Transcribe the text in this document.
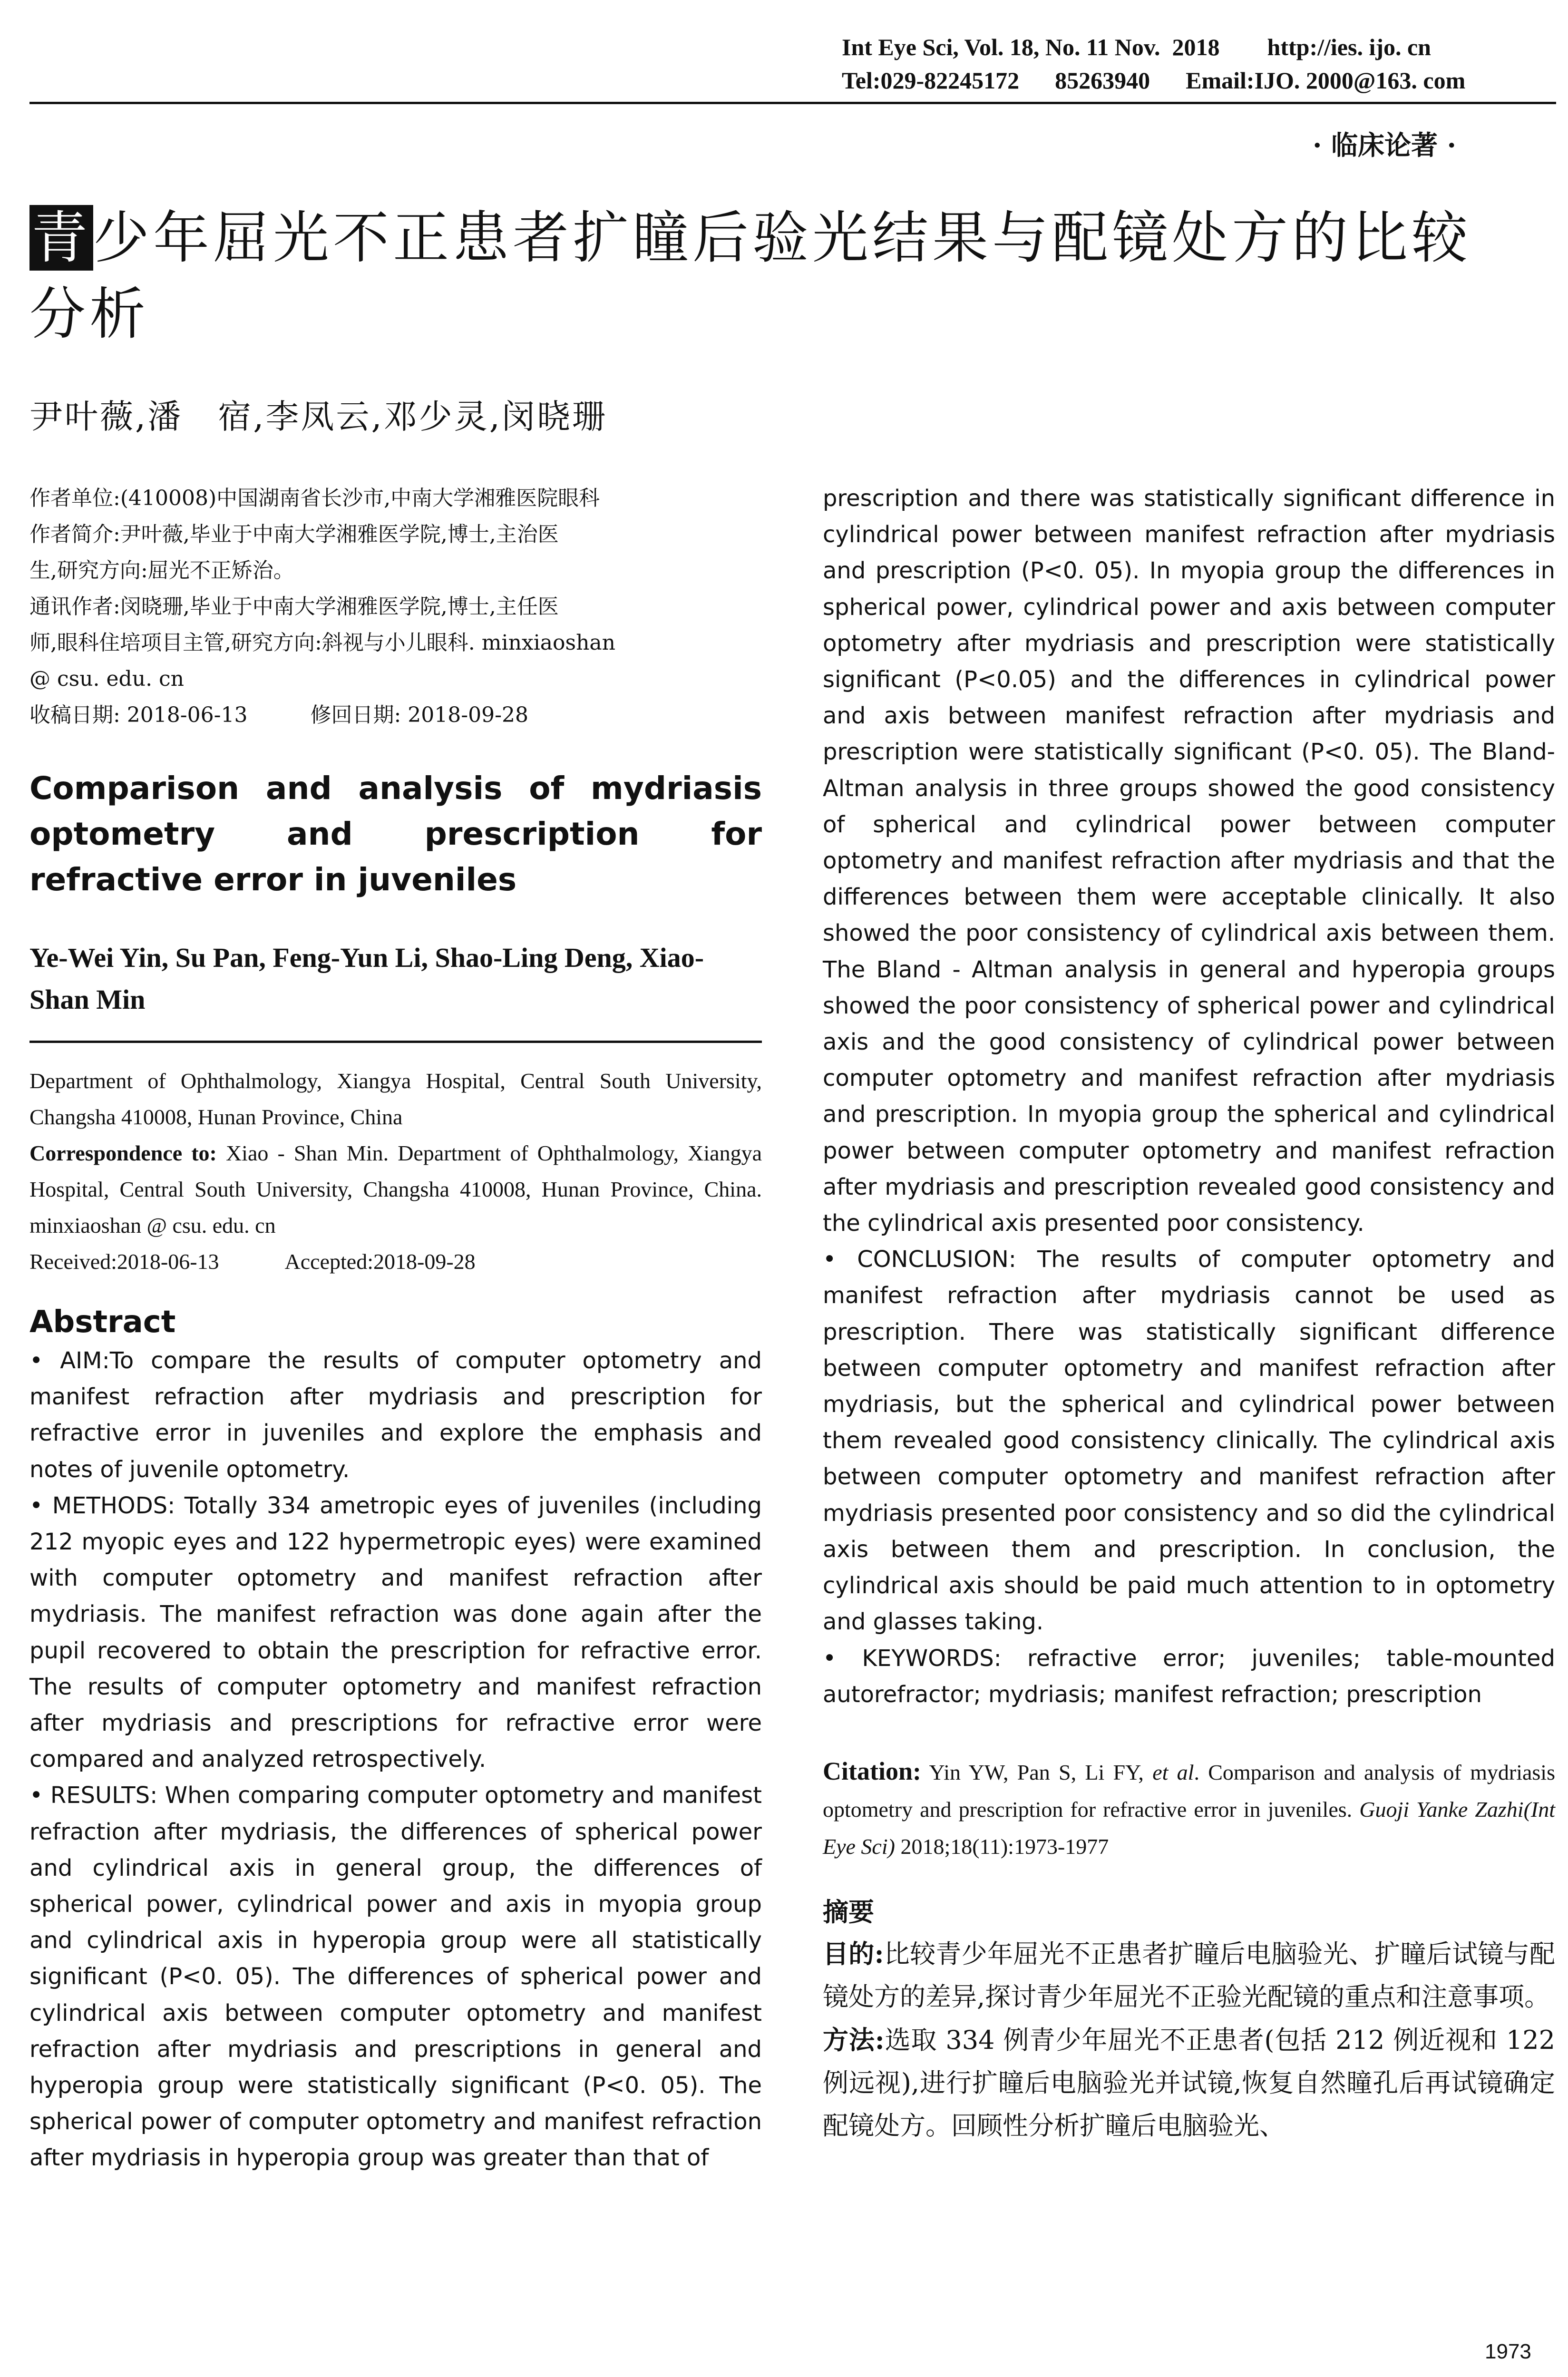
Int Eye Sci, Vol. 18, No. 11 Nov.  2018        http://ies. ijo. cn
Tel:029-82245172      85263940      Email:IJO. 2000@163. com
· 临床论著 ·
青少年屈光不正患者扩瞳后验光结果与配镜处方的比较
分析
尹叶薇,潘　宿,李凤云,邓少灵,闵晓珊
作者单位:(410008)中国湖南省长沙市,中南大学湘雅医院眼科
作者简介:尹叶薇,毕业于中南大学湘雅医学院,博士,主治医
生,研究方向:屈光不正矫治。
通讯作者:闵晓珊,毕业于中南大学湘雅医学院,博士,主任医
师,眼科住培项目主管,研究方向:斜视与小儿眼科. minxiaoshan
@ csu. edu. cn
收稿日期: 2018-06-13　　　修回日期: 2018-09-28
Comparison and analysis of mydriasis optometry and prescription for refractive error in juveniles
Ye-Wei Yin, Su Pan, Feng-Yun Li, Shao-Ling Deng, Xiao-Shan Min
Department of Ophthalmology, Xiangya Hospital, Central South University, Changsha 410008, Hunan Province, China
Correspondence to: Xiao - Shan Min. Department of Ophthalmology, Xiangya Hospital, Central South University, Changsha 410008, Hunan Province, China. minxiaoshan @ csu. edu. cn
Received:2018-06-13　　　Accepted:2018-09-28
Abstract

• AIM:To compare the results of computer optometry and manifest refraction after mydriasis and prescription for refractive error in juveniles and explore the emphasis and notes of juvenile optometry.

• METHODS: Totally 334 ametropic eyes of juveniles (including 212 myopic eyes and 122 hypermetropic eyes) were examined with computer optometry and manifest refraction after mydriasis. The manifest refraction was done again after the pupil recovered to obtain the prescription for refractive error. The results of computer optometry and manifest refraction after mydriasis and prescriptions for refractive error were compared and analyzed retrospectively.

• RESULTS: When comparing computer optometry and manifest refraction after mydriasis, the differences of spherical power and cylindrical axis in general group, the differences of spherical power, cylindrical power and axis in myopia group and cylindrical axis in hyperopia group were all statistically significant (P<0. 05). The differences of spherical power and cylindrical axis between computer optometry and manifest refraction after mydriasis and prescriptions in general and hyperopia group were statistically significant (P<0. 05). The spherical power of computer optometry and manifest refraction after mydriasis in hyperopia group was greater than that of

prescription and there was statistically significant difference in cylindrical power between manifest refraction after mydriasis and prescription (P<0. 05). In myopia group the differences in spherical power, cylindrical power and axis between computer optometry after mydriasis and prescription were statistically significant (P<0.05) and the differences in cylindrical power and axis between manifest refraction after mydriasis and prescription were statistically significant (P<0. 05). The Bland-Altman analysis in three groups showed the good consistency of spherical and cylindrical power between computer optometry and manifest refraction after mydriasis and that the differences between them were acceptable clinically. It also showed the poor consistency of cylindrical axis between them. The Bland - Altman analysis in general and hyperopia groups showed the poor consistency of spherical power and cylindrical axis and the good consistency of cylindrical power between computer optometry and manifest refraction after mydriasis and prescription. In myopia group the spherical and cylindrical power between computer optometry and manifest refraction after mydriasis and prescription revealed good consistency and the cylindrical axis presented poor consistency.

• CONCLUSION: The results of computer optometry and manifest refraction after mydriasis cannot be used as prescription. There was statistically significant difference between computer optometry and manifest refraction after mydriasis, but the spherical and cylindrical power between them revealed good consistency clinically. The cylindrical axis between computer optometry and manifest refraction after mydriasis presented poor consistency and so did the cylindrical axis between them and prescription. In conclusion, the cylindrical axis should be paid much attention to in optometry and glasses taking.

• KEYWORDS: refractive error; juveniles; table-mounted autorefractor; mydriasis; manifest refraction; prescription

Citation: Yin YW, Pan S, Li FY, et al. Comparison and analysis of mydriasis optometry and prescription for refractive error in juveniles. Guoji Yanke Zazhi(Int Eye Sci) 2018;18(11):1973-1977
摘要
目的:比较青少年屈光不正患者扩瞳后电脑验光、扩瞳后试镜与配镜处方的差异,探讨青少年屈光不正验光配镜的重点和注意事项。
方法:选取 334 例青少年屈光不正患者(包括 212 例近视和 122 例远视),进行扩瞳后电脑验光并试镜,恢复自然瞳孔后再试镜确定配镜处方。回顾性分析扩瞳后电脑验光、
1973
